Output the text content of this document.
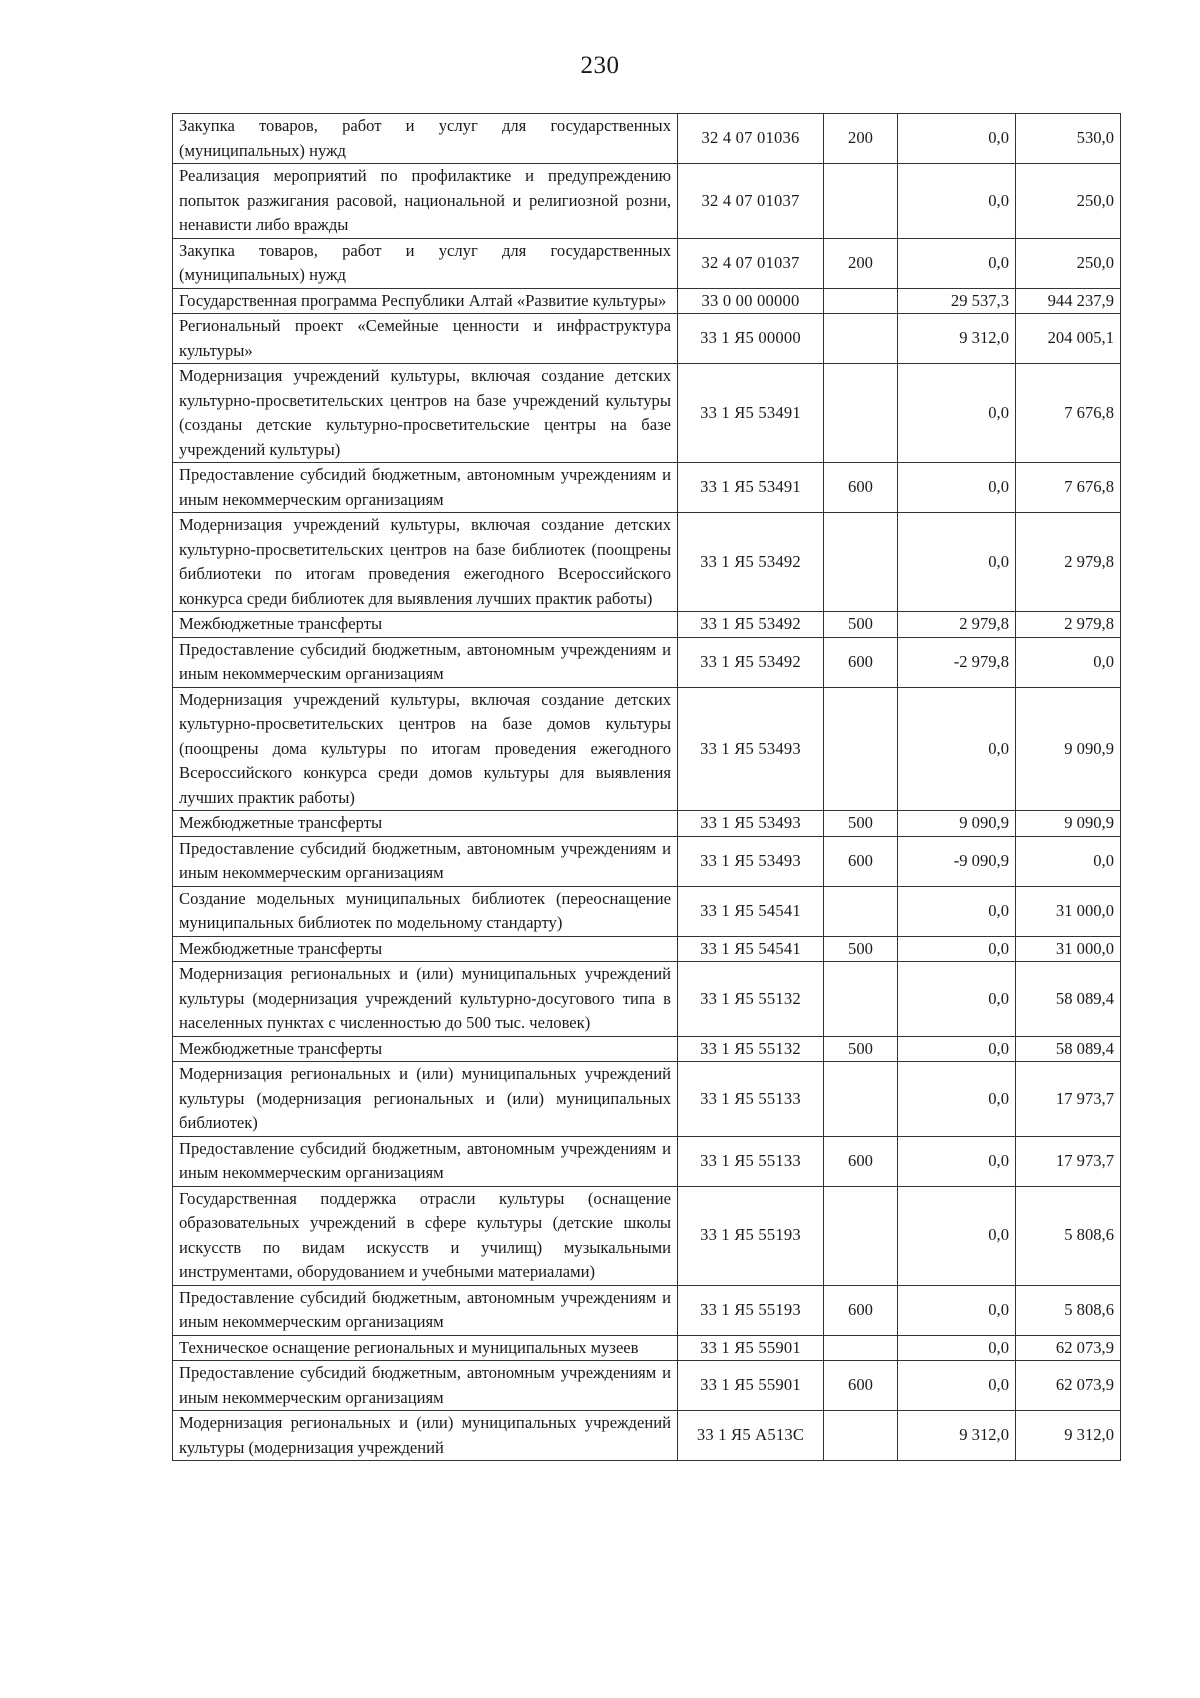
230
Закупка товаров, работ и услуг для государственных (муниципальных) нужд	32 4 07 01036	200	0,0	530,0
Реализация мероприятий по профилактике и предупреждению попыток разжигания расовой, национальной и религиозной розни, ненависти либо вражды	32 4 07 01037		0,0	250,0
Закупка товаров, работ и услуг для государственных (муниципальных) нужд	32 4 07 01037	200	0,0	250,0
Государственная программа Республики Алтай «Развитие культуры»	33 0 00 00000		29 537,3	944 237,9
Региональный проект «Семейные ценности и инфраструктура культуры»	33 1 Я5 00000		9 312,0	204 005,1
Модернизация учреждений культуры, включая создание детских культурно-просветительских центров на базе учреждений культуры (созданы детские культурно-просветительские центры на базе учреждений культуры)	33 1 Я5 53491		0,0	7 676,8
Предоставление субсидий бюджетным, автономным учреждениям и иным некоммерческим организациям	33 1 Я5 53491	600	0,0	7 676,8
Модернизация учреждений культуры, включая создание детских культурно-просветительских центров на базе библиотек (поощрены библиотеки по итогам проведения ежегодного Всероссийского конкурса среди библиотек для выявления лучших практик работы)	33 1 Я5 53492		0,0	2 979,8
Межбюджетные трансферты	33 1 Я5 53492	500	2 979,8	2 979,8
Предоставление субсидий бюджетным, автономным учреждениям и иным некоммерческим организациям	33 1 Я5 53492	600	-2 979,8	0,0
Модернизация учреждений культуры, включая создание детских культурно-просветительских центров на базе домов культуры (поощрены дома культуры по итогам проведения ежегодного Всероссийского конкурса среди домов культуры для выявления лучших практик работы)	33 1 Я5 53493		0,0	9 090,9
Межбюджетные трансферты	33 1 Я5 53493	500	9 090,9	9 090,9
Предоставление субсидий бюджетным, автономным учреждениям и иным некоммерческим организациям	33 1 Я5 53493	600	-9 090,9	0,0
Создание модельных муниципальных библиотек (переоснащение муниципальных библиотек по модельному стандарту)	33 1 Я5 54541		0,0	31 000,0
Межбюджетные трансферты	33 1 Я5 54541	500	0,0	31 000,0
Модернизация региональных и (или) муниципальных учреждений культуры (модернизация учреждений культурно-досугового типа в населенных пунктах с численностью до 500 тыс. человек)	33 1 Я5 55132		0,0	58 089,4
Межбюджетные трансферты	33 1 Я5 55132	500	0,0	58 089,4
Модернизация региональных и (или) муниципальных учреждений культуры (модернизация региональных и (или) муниципальных библиотек)	33 1 Я5 55133		0,0	17 973,7
Предоставление субсидий бюджетным, автономным учреждениям и иным некоммерческим организациям	33 1 Я5 55133	600	0,0	17 973,7
Государственная поддержка отрасли культуры (оснащение образовательных учреждений в сфере культуры (детские школы искусств по видам искусств и училищ) музыкальными инструментами, оборудованием и учебными материалами)	33 1 Я5 55193		0,0	5 808,6
Предоставление субсидий бюджетным, автономным учреждениям и иным некоммерческим организациям	33 1 Я5 55193	600	0,0	5 808,6
Техническое оснащение региональных и муниципальных музеев	33 1 Я5 55901		0,0	62 073,9
Предоставление субсидий бюджетным, автономным учреждениям и иным некоммерческим организациям	33 1 Я5 55901	600	0,0	62 073,9
Модернизация региональных и (или) муниципальных учреждений культуры (модернизация учреждений	33 1 Я5 А513С		9 312,0	9 312,0
